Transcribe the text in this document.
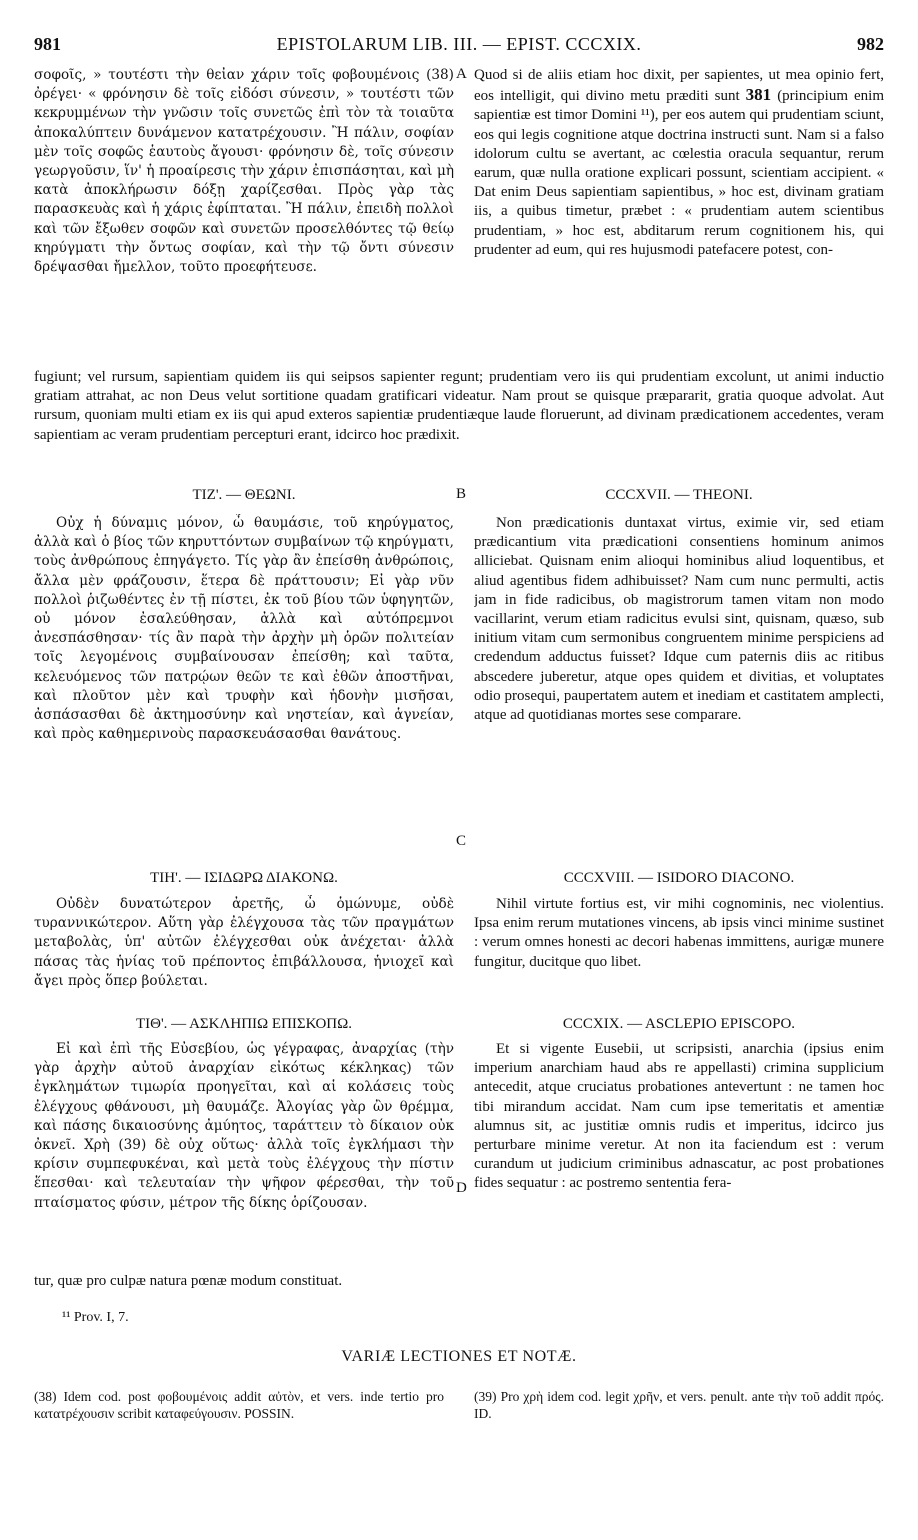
981	EPISTOLARUM LIB. III. — EPIST. CCCXIX.	982
A
B
C
D
σοφοῖς, » τουτέστι τὴν θεἰαν χάριν τοῖς φοβουμένοις (38) ὀρέγει· « φρόνησιν δὲ τοῖς εἰδόσι σύνεσιν, » τουτέστι τῶν κεκρυμμένων τὴν γνῶσιν τοῖς συνετῶς ἐπὶ τὸν τὰ τοιαῦτα ἀποκαλύπτειν δυνάμενον κατατρέχουσιν. Ἢ πάλιν, σοφίαν μὲν τοῖς σοφῶς ἑαυτοὺς ἄγουσι· φρόνησιν δὲ, τοῖς σύνεσιν γεωργοῦσιν, ἵν' ἡ προαίρεσις τὴν χάριν ἐπισπάσηται, καὶ μὴ κατὰ ἀποκλήρωσιν δόξῃ χαρίζεσθαι. Πρὸς γὰρ τὰς παρασκευὰς καὶ ἡ χάρις ἐφίπταται. Ἢ πάλιν, ἐπειδὴ πολλοὶ καὶ τῶν ἔξωθεν σοφῶν καὶ συνετῶν προσελθόντες τῷ θείῳ κηρύγματι τὴν ὄντως σοφίαν, καὶ τὴν τῷ ὄντι σύνεσιν δρέψασθαι ἤμελλον, τοῦτο προεφήτευσε.
Quod si de aliis etiam hoc dixit, per sapientes, ut mea opinio fert, eos intelligit, qui divino metu præditi sunt 381 (principium enim sapientiæ est timor Domini ¹¹), per eos autem qui prudentiam sciunt, eos qui legis cognitione atque doctrina instructi sunt. Nam si a falso idolorum cultu se avertant, ac cœlestia oracula sequantur, rerum earum, quæ nulla oratione explicari possunt, scientiam accipient. « Dat enim Deus sapientiam sapientibus, » hoc est, divinam gratiam iis, a quibus timetur, præbet : « prudentiam autem scientibus prudentiam, » hoc est, abditarum rerum cognitionem his, qui prudenter ad eum, qui res hujusmodi patefacere potest, con-
fugiunt; vel rursum, sapientiam quidem iis qui seipsos sapienter regunt; prudentiam vero iis qui prudentiam excolunt, ut animi inductio gratiam attrahat, ac non Deus velut sortitione quadam gratificari videatur. Nam prout se quisque præpararit, gratia quoque advolat. Aut rursum, quoniam multi etiam ex iis qui apud exteros sapientiæ prudentiæque laude floruerunt, ad divinam prædicationem accedentes, veram sapientiam ac veram prudentiam percepturi erant, idcirco hoc prædixit.
ΤΙΖ'. — ΘΕΩΝΙ.	CCCXVII. — THEONI.
Οὐχ ἡ δύναμις μόνον, ὦ θαυμάσιε, τοῦ κηρύγματος, ἀλλὰ καὶ ὁ βίος τῶν κηρυττόντων συμβαίνων τῷ κηρύγματι, τοὺς ἀνθρώπους ἐπηγάγετο. Τίς γὰρ ἂν ἐπείσθη ἀνθρώποις, ἄλλα μὲν φράζουσιν, ἕτερα δὲ πράττουσιν; Εἰ γὰρ νῦν πολλοὶ ῥιζωθέντες ἐν τῇ πίστει, ἐκ τοῦ βίου τῶν ὑφηγητῶν, οὐ μόνον ἐσαλεύθησαν, ἀλλὰ καὶ αὐτόπρεμνοι ἀνεσπάσθησαν· τίς ἂν παρὰ τὴν ἀρχὴν μὴ ὁρῶν πολιτείαν τοῖς λεγομένοις συμβαίνουσαν ἐπείσθη; καὶ ταῦτα, κελευόμενος τῶν πατρῴων θεῶν τε καὶ ἐθῶν ἀποστῆναι, καὶ πλοῦτον μὲν καὶ τρυφὴν καὶ ἡδονὴν μισῆσαι, ἀσπάσασθαι δὲ ἀκτημοσύνην καὶ νηστείαν, καὶ ἁγνείαν, καὶ πρὸς καθημερινοὺς παρασκευάσασθαι θανάτους.
Non prædicationis duntaxat virtus, eximie vir, sed etiam prædicantium vita prædicationi consentiens hominum animos alliciebat. Quisnam enim alioqui hominibus aliud loquentibus, et aliud agentibus fidem adhibuisset? Nam cum nunc permulti, actis jam in fide radicibus, ob magistrorum tamen vitam non modo vacillarint, verum etiam radicitus evulsi sint, quisnam, quæso, sub initium vitam cum sermonibus congruentem minime perspiciens ad credendum adductus fuisset? Idque cum paternis diis ac ritibus abscedere juberetur, atque opes quidem et divitias, et voluptates odio prosequi, paupertatem autem et inediam et castitatem amplecti, atque ad quotidianas mortes sese comparare.
ΤΙΗ'. — ΙΣΙΔΩΡΩ ΔΙΑΚΟΝΩ.	CCCXVIII. — ISIDORO DIACONO.
Οὐδὲν δυνατώτερον ἀρετῆς, ὦ ὁμώνυμε, οὐδὲ τυραννικώτερον. Αὕτη γὰρ ἐλέγχουσα τὰς τῶν πραγμάτων μεταβολὰς, ὑπ' αὐτῶν ἐλέγχεσθαι οὐκ ἀνέχεται· ἀλλὰ πάσας τὰς ἡνίας τοῦ πρέποντος ἐπιβάλλουσα, ἡνιοχεῖ καὶ ἄγει πρὸς ὅπερ βούλεται.
Nihil virtute fortius est, vir mihi cognominis, nec violentius. Ipsa enim rerum mutationes vincens, ab ipsis vinci minime sustinet : verum omnes honesti ac decori habenas immittens, aurigæ munere fungitur, ducitque quo libet.
ΤΙΘ'. — ΑΣΚΛΗΠΙΩ ΕΠΙΣΚΟΠΩ.	CCCXIX. — ASCLEPIO EPISCOPO.
Εἰ καὶ ἐπὶ τῆς Εὐσεβίου, ὡς γέγραφας, ἀναρχίας (τὴν γὰρ ἀρχὴν αὐτοῦ ἀναρχίαν εἰκότως κέκληκας) τῶν ἐγκλημάτων τιμωρία προηγεῖται, καὶ αἱ κολάσεις τοὺς ἐλέγχους φθάνουσι, μὴ θαυμάζε. Ἀλογίας γὰρ ὢν θρέμμα, καὶ πάσης δικαιοσύνης ἀμύητος, ταράττειν τὸ δίκαιον οὐκ ὀκνεῖ. Χρὴ (39) δὲ οὐχ οὕτως· ἀλλὰ τοῖς ἐγκλήμασι τὴν κρίσιν συμπεφυκέναι, καὶ μετὰ τοὺς ἐλέγχους τὴν πίστιν ἕπεσθαι· καὶ τελευταίαν τὴν ψῆφον φέρεσθαι, τὴν τοῦ πταίσματος φύσιν, μέτρον τῆς δίκης ὁρίζουσαν.
Et si vigente Eusebii, ut scripsisti, anarchia (ipsius enim imperium anarchiam haud abs re appellasti) crimina supplicium antecedit, atque cruciatus probationes antevertunt : ne tamen hoc tibi mirandum accidat. Nam cum ipse temeritatis et amentiæ alumnus sit, ac justitiæ omnis rudis et imperitus, idcirco jus perturbare minime veretur. At non ita faciendum est : verum curandum ut judicium criminibus adnascatur, ac post probationes fides sequatur : ac postremo sententia fera-
tur, quæ pro culpæ natura pœnæ modum constituat.
¹¹ Prov. I, 7.
VARIÆ LECTIONES ET NOTÆ.
(38) Idem cod. post φοβουμένοις addit αὐτὸν, et vers. inde tertio pro κατατρέχουσιν scribit καταφεύγουσιν. POSSIN.
(39) Pro χρὴ idem cod. legit χρῆν, et vers. penult. ante τὴν τοῦ addit πρός. ID.
